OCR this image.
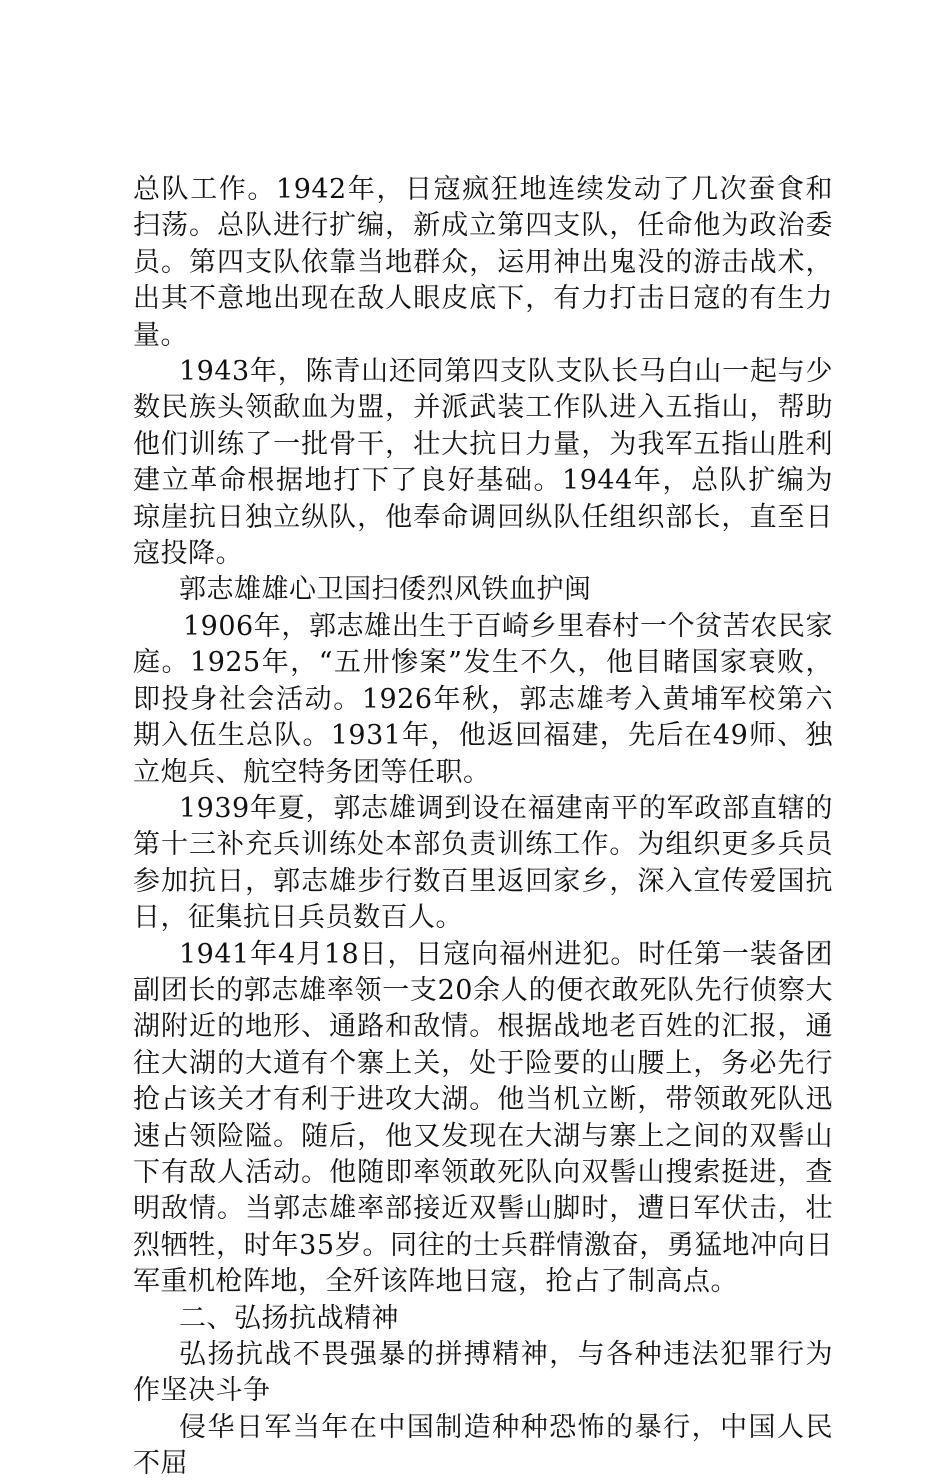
总队工作。1942年，日寇疯狂地连续发动了几次蚕食和扫荡。总队进行扩编，新成立第四支队，任命他为政治委员。第四支队依靠当地群众，运用神出鬼没的游击战术，出其不意地出现在敌人眼皮底下，有力打击日寇的有生力量。

1943年，陈青山还同第四支队支队长马白山一起与少数民族头领歃血为盟，并派武装工作队进入五指山，帮助他们训练了一批骨干，壮大抗日力量，为我军五指山胜利建立革命根据地打下了良好基础。1944年，总队扩编为琼崖抗日独立纵队，他奉命调回纵队任组织部长，直至日寇投降。

郭志雄雄心卫国扫倭烈风铁血护闽

1906年，郭志雄出生于百崎乡里春村一个贫苦农民家庭。1925年，“五卅惨案”发生不久，他目睹国家衰败，即投身社会活动。1926年秋，郭志雄考入黄埔军校第六期入伍生总队。1931年，他返回福建，先后在49师、独立炮兵、航空特务团等任职。

1939年夏，郭志雄调到设在福建南平的军政部直辖的第十三补充兵训练处本部负责训练工作。为组织更多兵员参加抗日，郭志雄步行数百里返回家乡，深入宣传爱国抗日，征集抗日兵员数百人。

1941年4月18日，日寇向福州进犯。时任第一装备团副团长的郭志雄率领一支20余人的便衣敢死队先行侦察大湖附近的地形、通路和敌情。根据战地老百姓的汇报，通往大湖的大道有个寨上关，处于险要的山腰上，务必先行抢占该关才有利于进攻大湖。他当机立断，带领敢死队迅速占领险隘。随后，他又发现在大湖与寨上之间的双髻山下有敌人活动。他随即率领敢死队向双髻山搜索挺进，查明敌情。当郭志雄率部接近双髻山脚时，遭日军伏击，壮烈牺牲，时年35岁。同往的士兵群情激奋，勇猛地冲向日军重机枪阵地，全歼该阵地日寇，抢占了制高点。

二、弘扬抗战精神

弘扬抗战不畏强暴的拼搏精神，与各种违法犯罪行为作坚决斗争

侵华日军当年在中国制造种种恐怖的暴行，中国人民不屈
